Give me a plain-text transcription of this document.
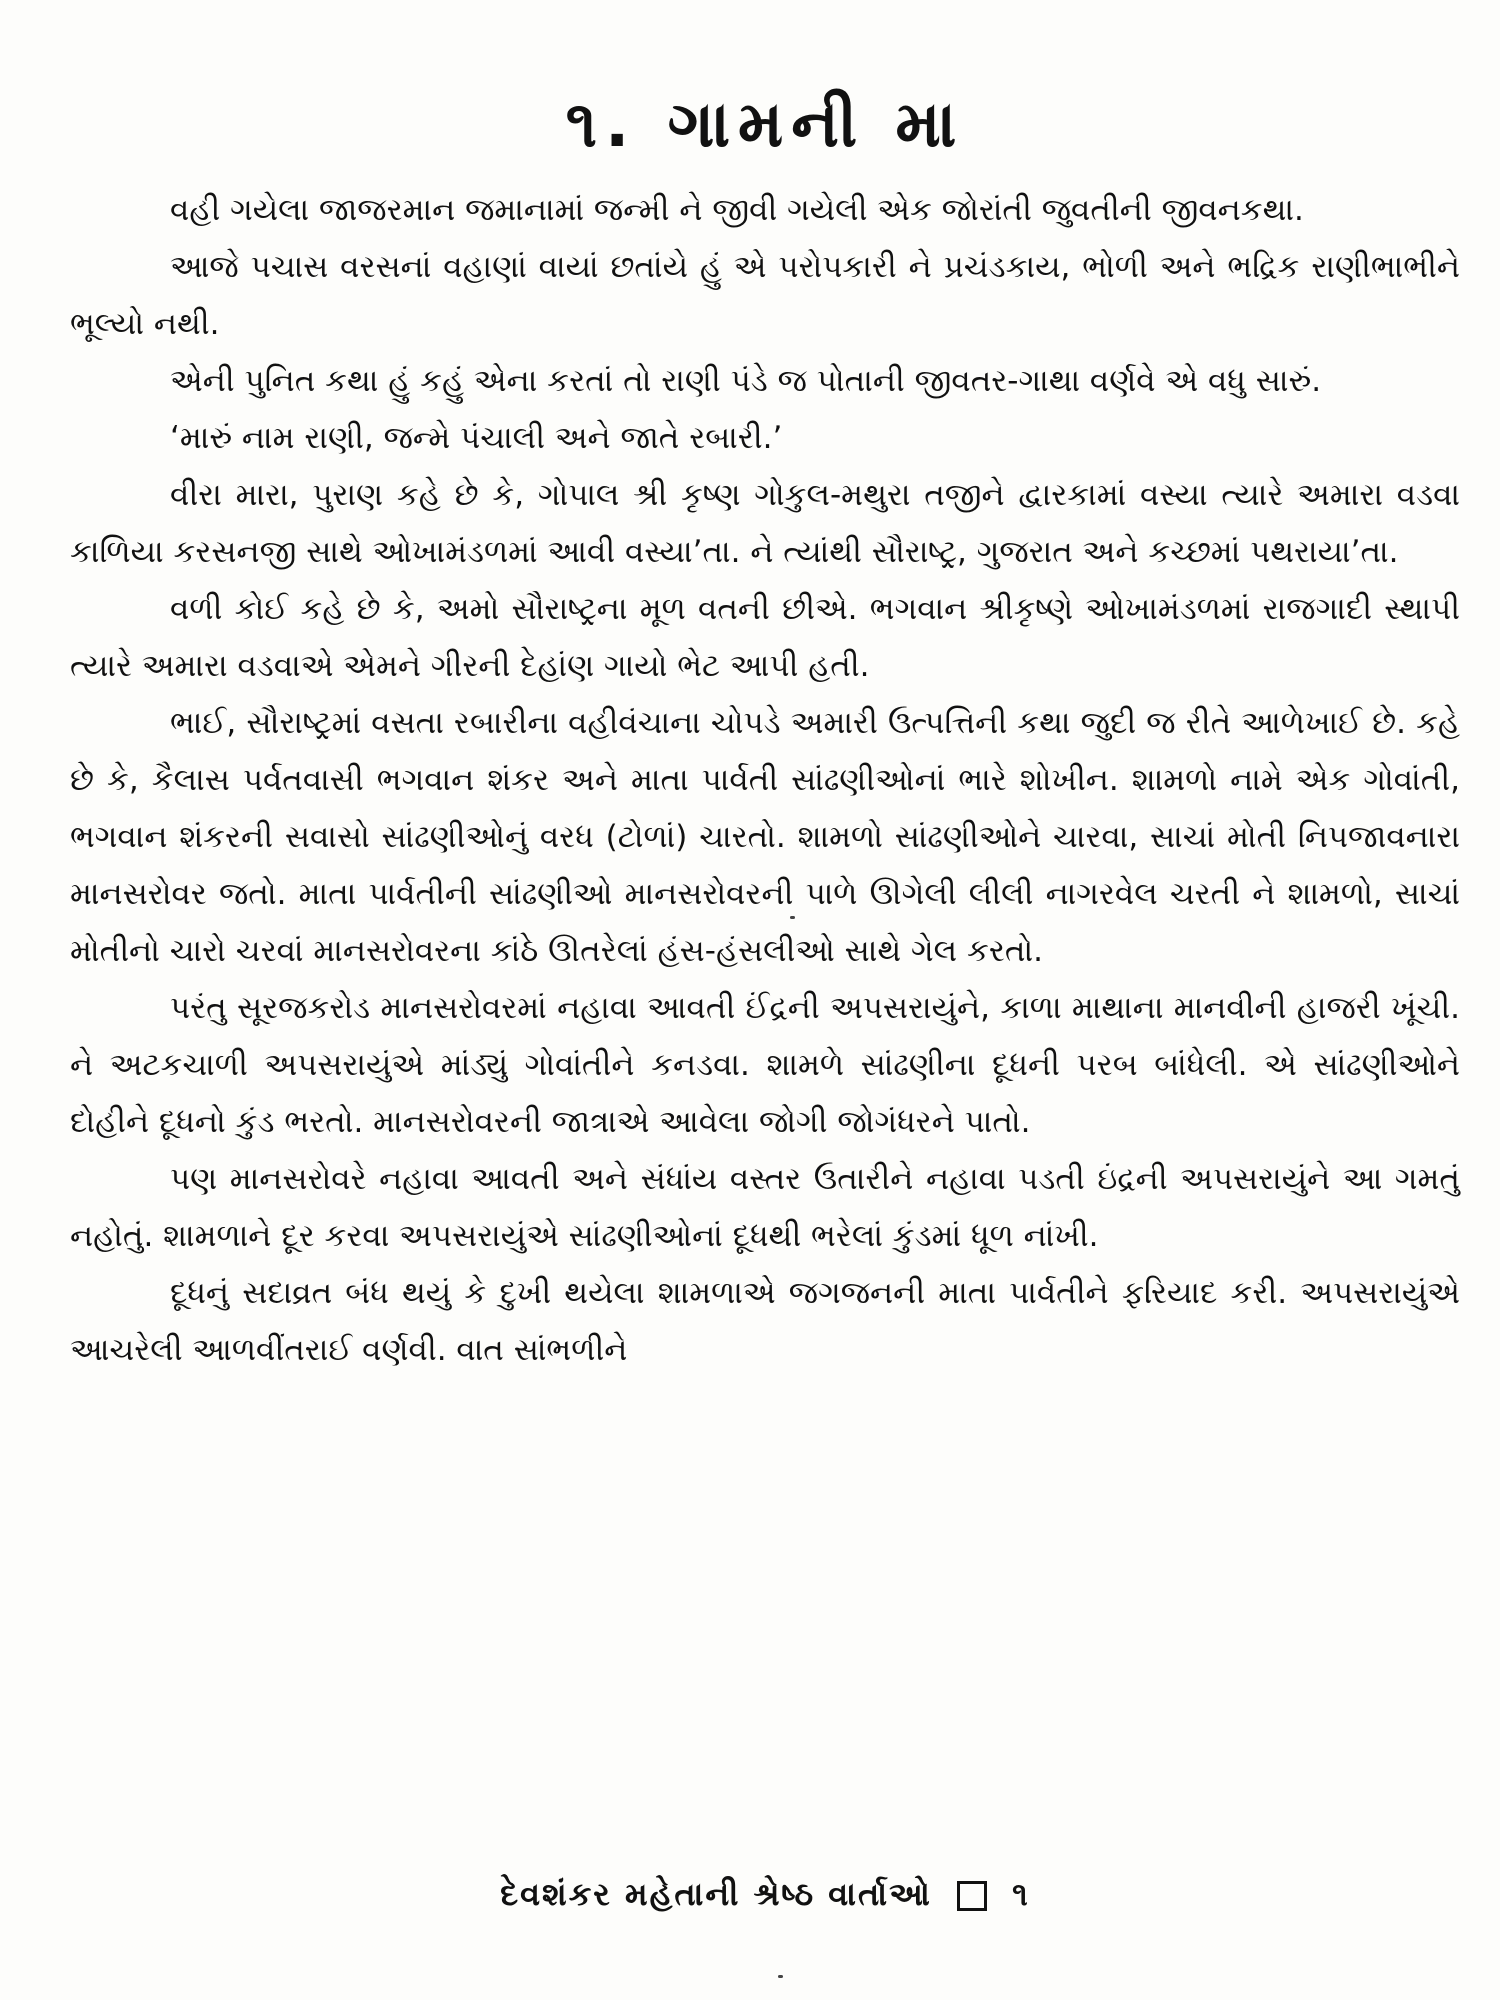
૧. ગામની મા

વહી ગયેલા જાજરમાન જમાનામાં જન્મી ને જીવી ગયેલી એક જોરાંતી જુવતીની જીવનકથા.

આજે પચાસ વરસનાં વહાણાં વાયાં છતાંયે હું એ પરોપકારી ને પ્રચંડકાય, ભોળી અને ભદ્રિક રાણીભાભીને ભૂલ્યો નથી.

એની પુનિત કથા હું કહું એના કરતાં તો રાણી પંડે જ પોતાની જીવતર-ગાથા વર્ણવે એ વધુ સારું.

‘મારું નામ રાણી, જન્મે પંચાલી અને જાતે રબારી.’

વીરા મારા, પુરાણ કહે છે કે, ગોપાલ શ્રી કૃષ્ણ ગોકુલ-મથુરા તજીને દ્વારકામાં વસ્યા ત્યારે અમારા વડવા કાળિયા કરસનજી સાથે ઓખામંડળમાં આવી વસ્યા’તા. ને ત્યાંથી સૌરાષ્ટ્ર, ગુજરાત અને કચ્છમાં પથરાયા’તા.

વળી કોઈ કહે છે કે, અમો સૌરાષ્ટ્રના મૂળ વતની છીએ. ભગવાન શ્રીકૃષ્ણે ઓખામંડળમાં રાજગાદી સ્થાપી ત્યારે અમારા વડવાએ એમને ગીરની દેહાંણ ગાયો ભેટ આપી હતી.

ભાઈ, સૌરાષ્ટ્રમાં વસતા રબારીના વહીવંચાના ચોપડે અમારી ઉત્પત્તિની કથા જુદી જ રીતે આળેખાઈ છે. કહે છે કે, કૈલાસ પર્વતવાસી ભગવાન શંકર અને માતા પાર્વતી સાંઢણીઓનાં ભારે શોખીન. શામળો નામે એક ગોવાંતી, ભગવાન શંકરની સવાસો સાંઢણીઓનું વરધ (ટોળાં) ચારતો. શામળો સાંઢણીઓને ચારવા, સાચાં મોતી નિપજાવનારા માનસરોવર જતો. માતા પાર્વતીની સાંઢણીઓ માનસરોવરની પાળે ઊગેલી લીલી નાગરવેલ ચરતી ને શામળો, સાચાં મોતીનો ચારો ચરવાં માનસરોવરના કાંઠે ઊતરેલાં હંસ-હંસલીઓ સાથે ગેલ કરતો.

પરંતુ સૂરજકરોડ માનસરોવરમાં નહાવા આવતી ઈંદ્રની અપસરાયુંને, કાળા માથાના માનવીની હાજરી ખૂંચી. ને અટકચાળી અપસરાયુંએ માંડ્યું ગોવાંતીને કનડવા. શામળે સાંઢણીના દૂધની પરબ બાંધેલી. એ સાંઢણીઓને દોહીને દૂધનો કુંડ ભરતો. માનસરોવરની જાત્રાએ આવેલા જોગી જોગંધરને પાતો.

પણ માનસરોવરે નહાવા આવતી અને સંધાંય વસ્તર ઉતારીને નહાવા પડતી ઇંદ્રની અપસરાયુંને આ ગમતું નહોતું. શામળાને દૂર કરવા અપસરાયુંએ સાંઢણીઓનાં દૂધથી ભરેલાં કુંડમાં ધૂળ નાંખી.

દૂધનું સદાવ્રત બંધ થયું કે દુખી થયેલા શામળાએ જગજનની માતા પાર્વતીને ફરિયાદ કરી. અપસરાયુંએ આચરેલી આળવીંતરાઈ વર્ણવી. વાત સાંભળીને

દેવશંકર મહેતાની શ્રેષ્ઠ વાર્તાઓ	૧
